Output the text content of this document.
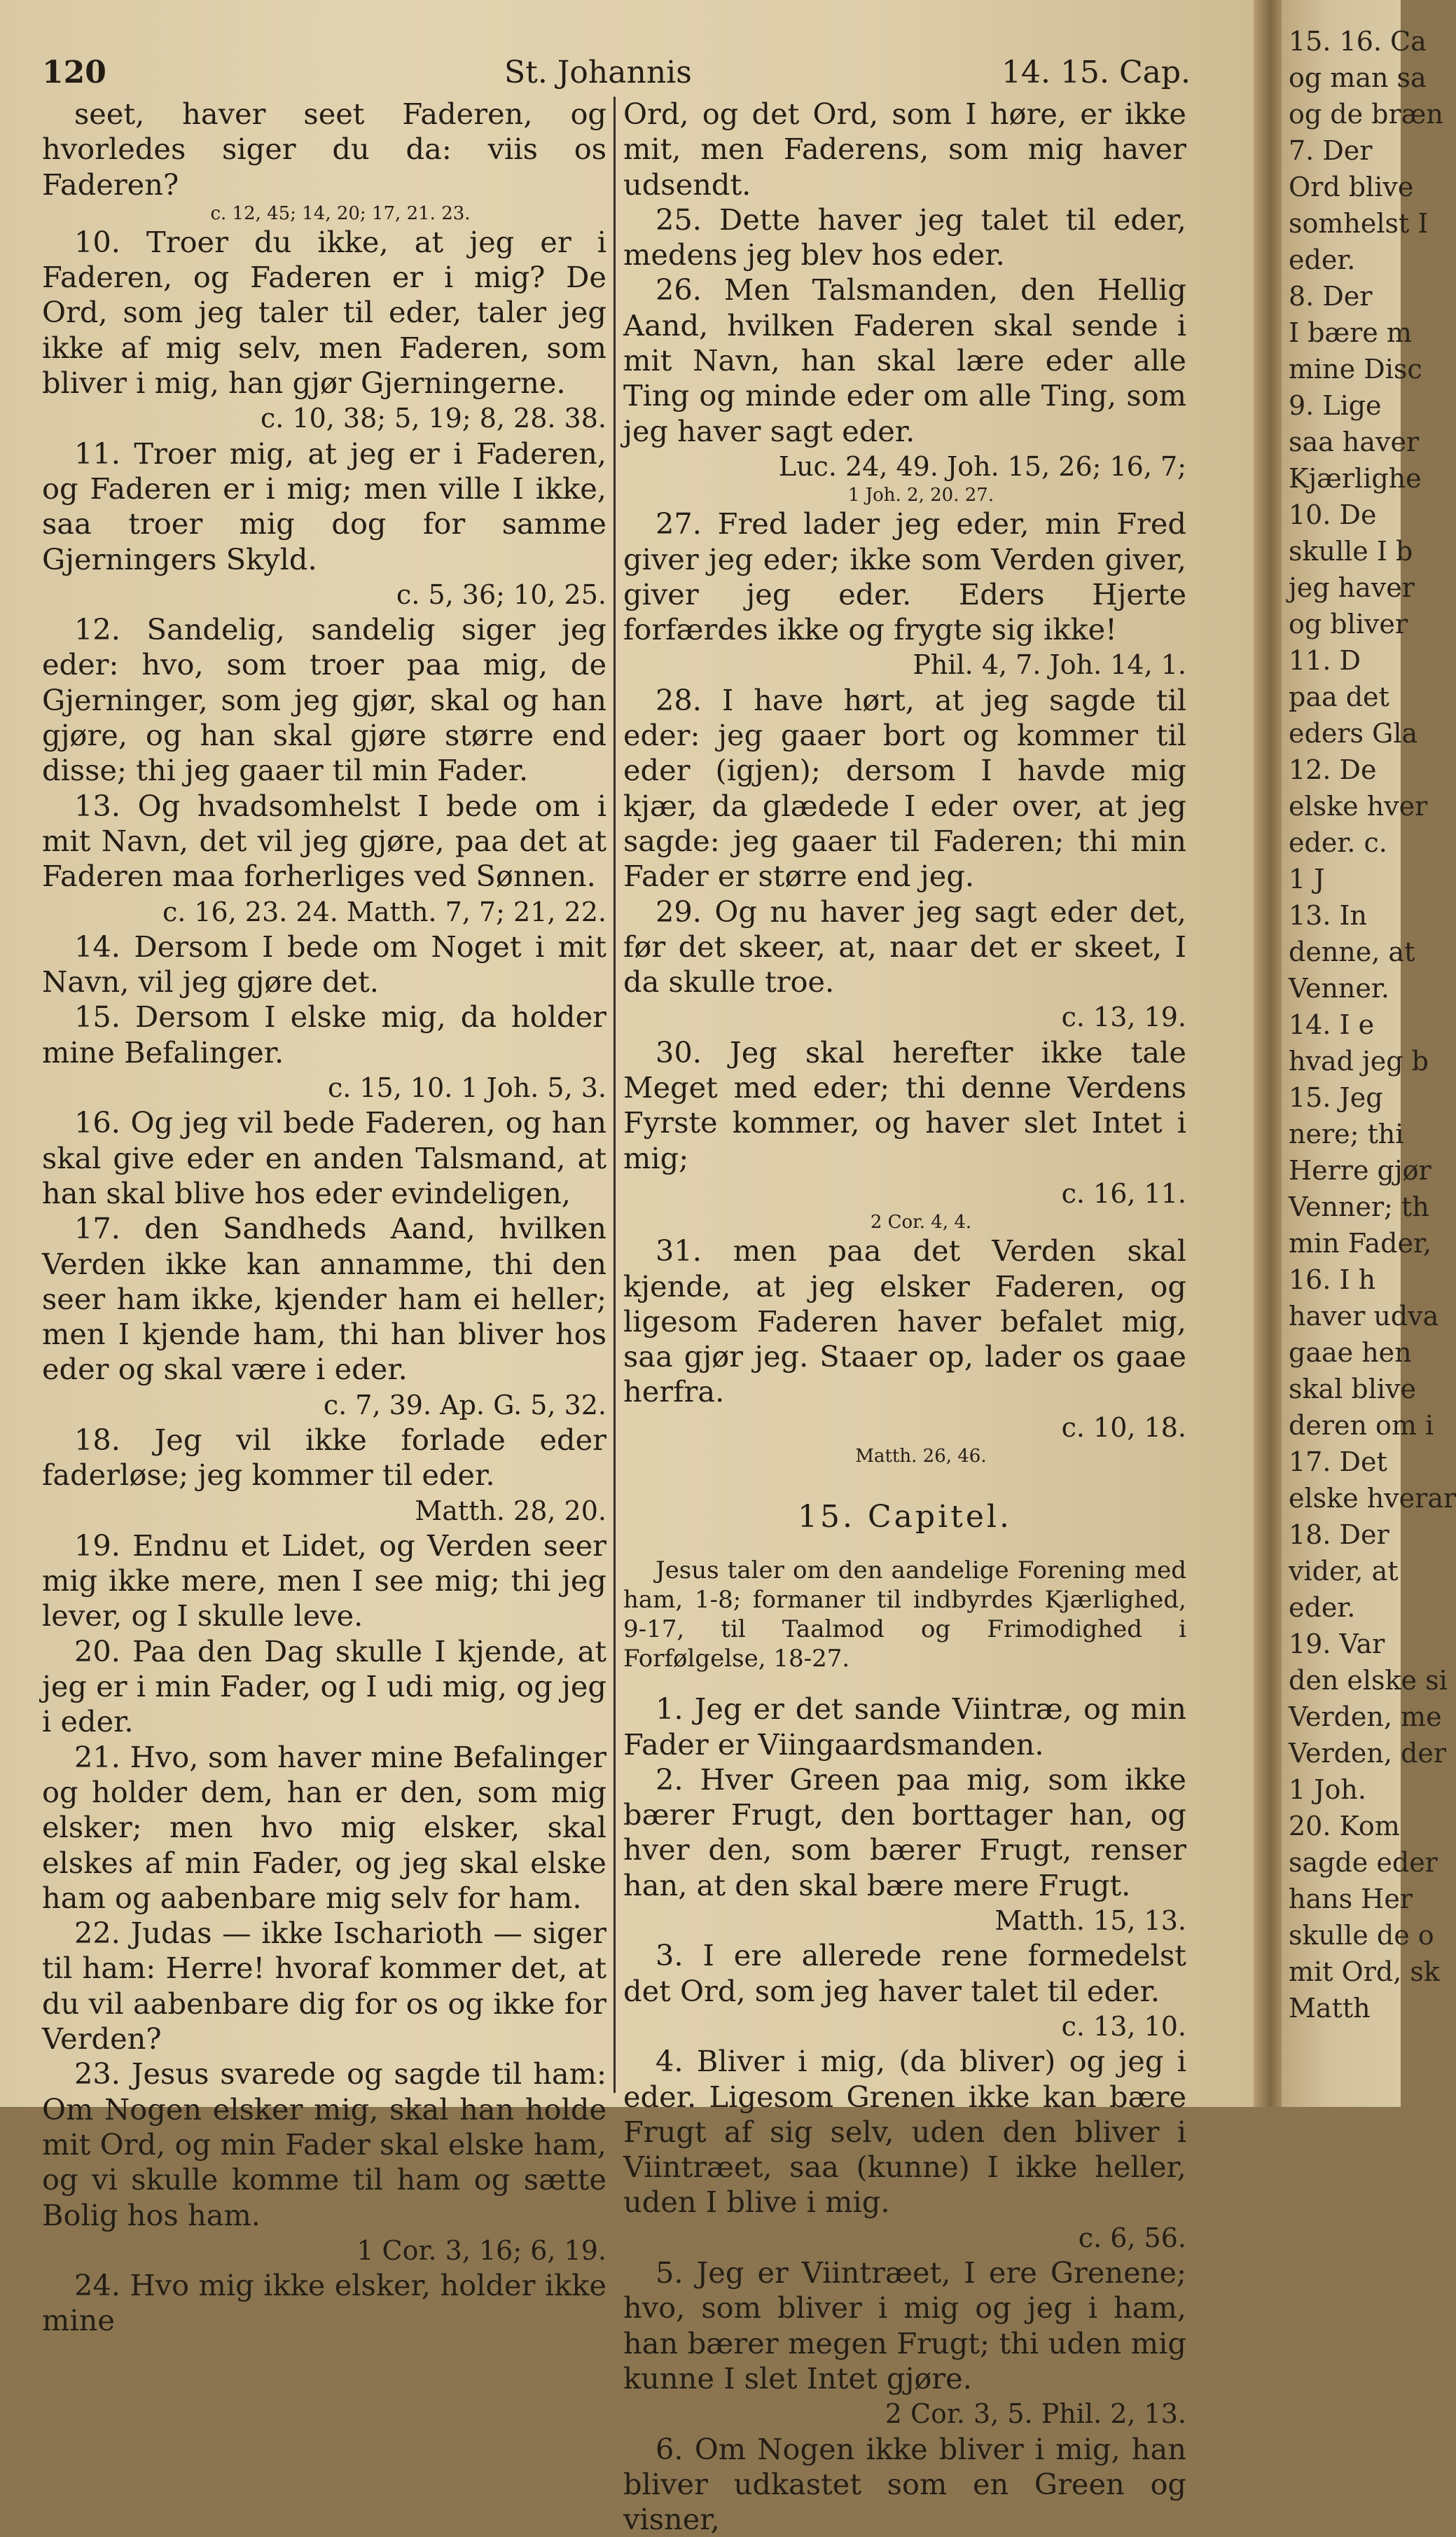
120	St. Johannis	14. 15. Cap.

seet, haver seet Faderen, og hvorledes siger du da: viis os Faderen?
c. 12, 45; 14, 20; 17, 21. 23.

10. Troer du ikke, at jeg er i Faderen, og Faderen er i mig? De Ord, som jeg taler til eder, taler jeg ikke af mig selv, men Faderen, som bliver i mig, han gjør Gjerningerne.
c. 10, 38; 5, 19; 8, 28. 38.

11. Troer mig, at jeg er i Faderen, og Faderen er i mig; men ville I ikke, saa troer mig dog for samme Gjerningers Skyld.
c. 5, 36; 10, 25.

12. Sandelig, sandelig siger jeg eder: hvo, som troer paa mig, de Gjerninger, som jeg gjør, skal og han gjøre, og han skal gjøre større end disse; thi jeg gaaer til min Fader.

13. Og hvadsomhelst I bede om i mit Navn, det vil jeg gjøre, paa det at Faderen maa forherliges ved Sønnen.
c. 16, 23. 24. Matth. 7, 7; 21, 22.

14. Dersom I bede om Noget i mit Navn, vil jeg gjøre det.

15. Dersom I elske mig, da holder mine Befalinger.
c. 15, 10. 1 Joh. 5, 3.

16. Og jeg vil bede Faderen, og han skal give eder en anden Talsmand, at han skal blive hos eder evindeligen,

17. den Sandheds Aand, hvilken Verden ikke kan annamme, thi den seer ham ikke, kjender ham ei heller; men I kjende ham, thi han bliver hos eder og skal være i eder.
c. 7, 39. Ap. G. 5, 32.

18. Jeg vil ikke forlade eder faderløse; jeg kommer til eder.
Matth. 28, 20.

19. Endnu et Lidet, og Verden seer mig ikke mere, men I see mig; thi jeg lever, og I skulle leve.

20. Paa den Dag skulle I kjende, at jeg er i min Fader, og I udi mig, og jeg i eder.

21. Hvo, som haver mine Befalinger og holder dem, han er den, som mig elsker; men hvo mig elsker, skal elskes af min Fader, og jeg skal elske ham og aabenbare mig selv for ham.

22. Judas — ikke Ischarioth — siger til ham: Herre! hvoraf kommer det, at du vil aabenbare dig for os og ikke for Verden?

23. Jesus svarede og sagde til ham: Om Nogen elsker mig, skal han holde mit Ord, og min Fader skal elske ham, og vi skulle komme til ham og sætte Bolig hos ham.
1 Cor. 3, 16; 6, 19.

24. Hvo mig ikke elsker, holder ikke mine

Ord, og det Ord, som I høre, er ikke mit, men Faderens, som mig haver udsendt.

25. Dette haver jeg talet til eder, medens jeg blev hos eder.

26. Men Talsmanden, den Hellig Aand, hvilken Faderen skal sende i mit Navn, han skal lære eder alle Ting og minde eder om alle Ting, som jeg haver sagt eder.
Luc. 24, 49. Joh. 15, 26; 16, 7;
1 Joh. 2, 20. 27.

27. Fred lader jeg eder, min Fred giver jeg eder; ikke som Verden giver, giver jeg eder. Eders Hjerte forfærdes ikke og frygte sig ikke!
Phil. 4, 7. Joh. 14, 1.

28. I have hørt, at jeg sagde til eder: jeg gaaer bort og kommer til eder (igjen); dersom I havde mig kjær, da glædede I eder over, at jeg sagde: jeg gaaer til Faderen; thi min Fader er større end jeg.

29. Og nu haver jeg sagt eder det, før det skeer, at, naar det er skeet, I da skulle troe.
c. 13, 19.

30. Jeg skal herefter ikke tale Meget med eder; thi denne Verdens Fyrste kommer, og haver slet Intet i mig;
c. 16, 11.
2 Cor. 4, 4.

31. men paa det Verden skal kjende, at jeg elsker Faderen, og ligesom Faderen haver befalet mig, saa gjør jeg. Staaer op, lader os gaae herfra.
c. 10, 18.
Matth. 26, 46.

15. Capitel.

Jesus taler om den aandelige Forening med ham, 1-8; formaner til indbyrdes Kjærlighed, 9-17, til Taalmod og Frimodighed i Forfølgelse, 18-27.

1. Jeg er det sande Viintræ, og min Fader er Viingaardsmanden.

2. Hver Green paa mig, som ikke bærer Frugt, den borttager han, og hver den, som bærer Frugt, renser han, at den skal bære mere Frugt.
Matth. 15, 13.

3. I ere allerede rene formedelst det Ord, som jeg haver talet til eder.
c. 13, 10.

4. Bliver i mig, (da bliver) og jeg i eder. Ligesom Grenen ikke kan bære Frugt af sig selv, uden den bliver i Viintræet, saa (kunne) I ikke heller, uden I blive i mig.
c. 6, 56.

5. Jeg er Viintræet, I ere Grenene; hvo, som bliver i mig og jeg i ham, han bærer megen Frugt; thi uden mig kunne I slet Intet gjøre.
2 Cor. 3, 5. Phil. 2, 13.

6. Om Nogen ikke bliver i mig, han bliver udkastet som en Green og visner,

15. 16. Ca
og man sa
og de bræn
7. Der
Ord blive
somhelst I
eder.
8. Der
I bære m
mine Disc
9. Lige
saa haver
Kjærlighe
10. De
skulle I b
jeg haver
og bliver
11. D
paa det
eders Gla
12. De
elske hver
eder. c.
1 J
13. In
denne, at
Venner.
14. I e
hvad jeg b
15. Jeg
nere; thi
Herre gjør
Venner; th
min Fader,
16. I h
haver udva
gaae hen
skal blive
deren om i
17. Det
elske hverar
18. Der
vider, at
eder.
19. Var
den elske si
Verden, me
Verden, der
1 Joh.
20. Kom
sagde eder
hans Her
skulle de o
mit Ord, sk
Matth
